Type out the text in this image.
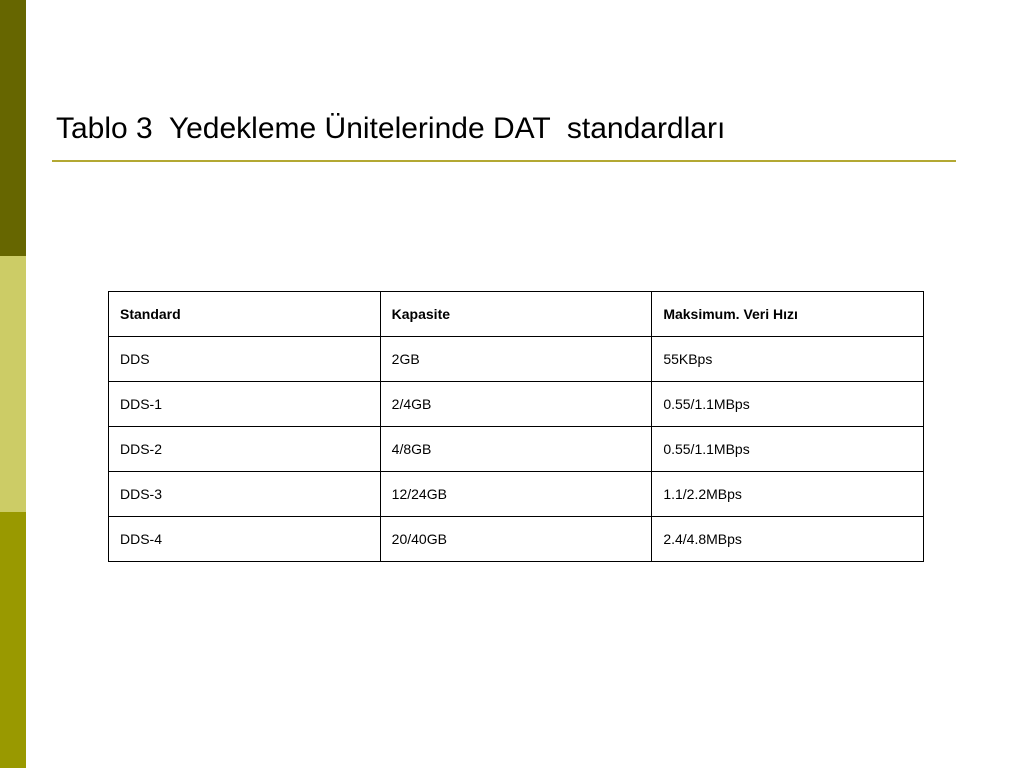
Tablo 3  Yedekleme Ünitelerinde DAT  standardları
Standard	Kapasite	Maksimum. Veri Hızı
DDS	2GB	55KBps
DDS-1	2/4GB	0.55/1.1MBps
DDS-2	4/8GB	0.55/1.1MBps
DDS-3	12/24GB	1.1/2.2MBps
DDS-4	20/40GB	2.4/4.8MBps
